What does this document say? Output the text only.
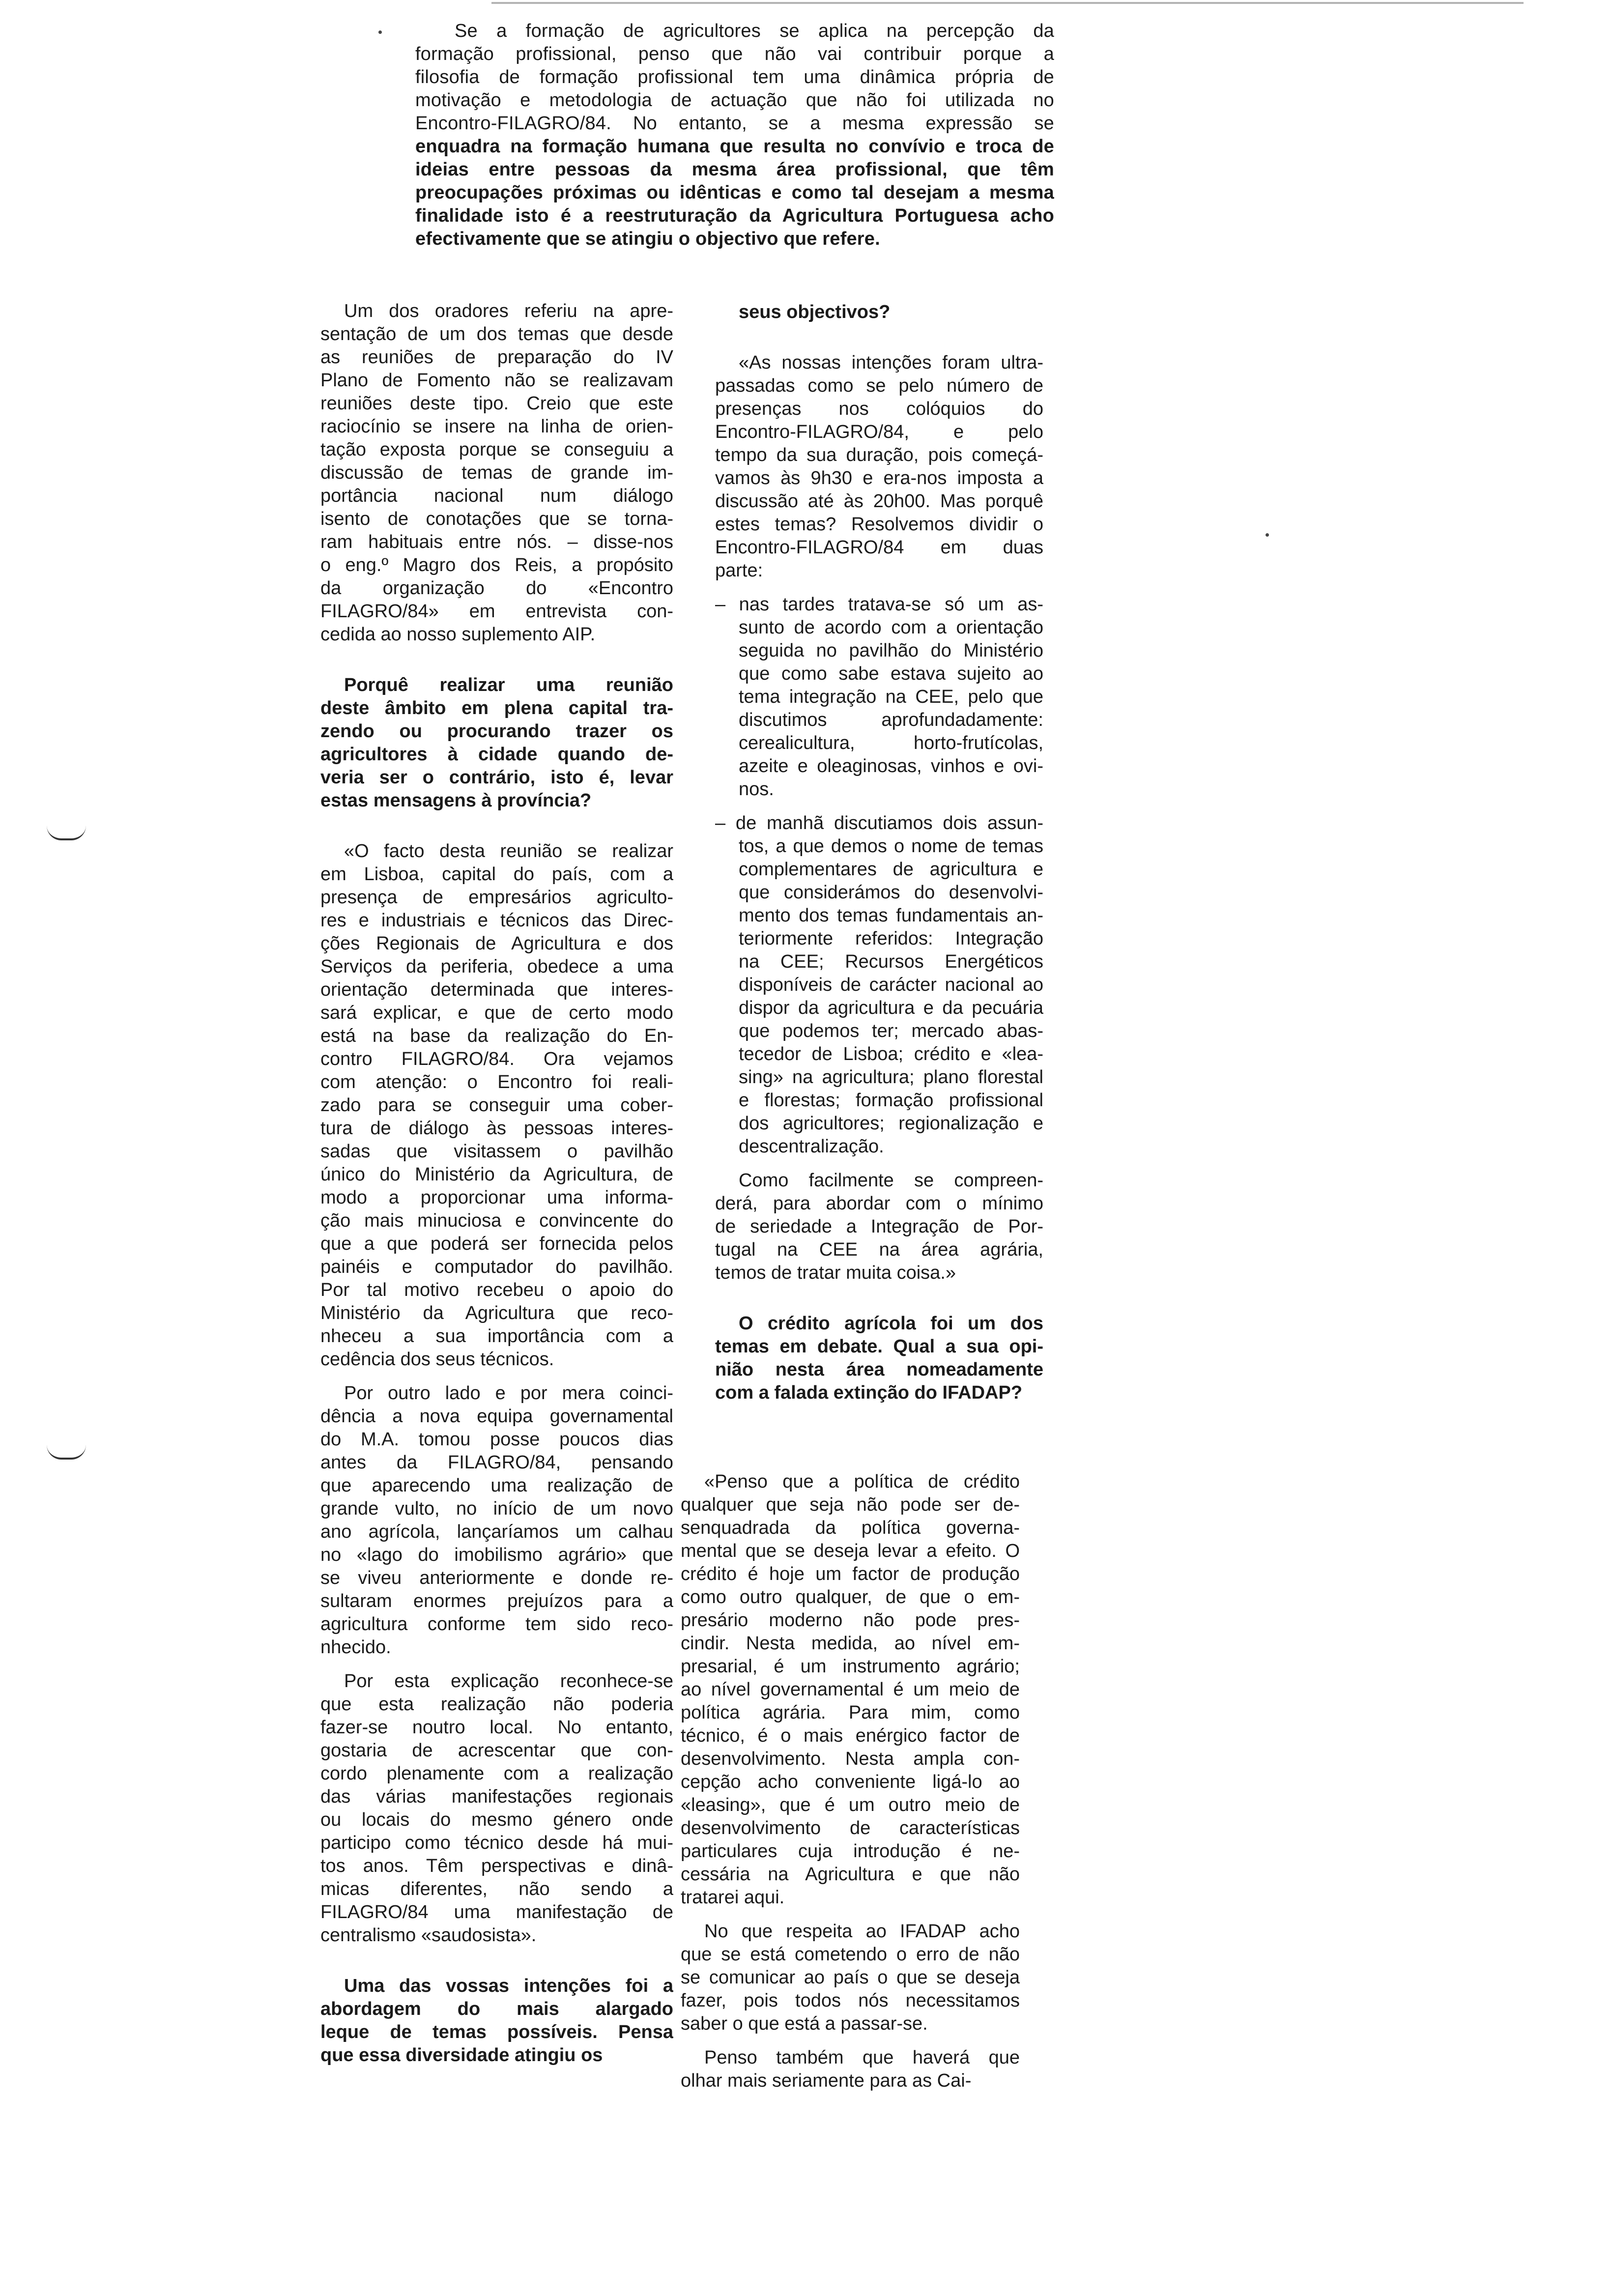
Se a formação de agricultores se aplica na percepção da
formação profissional, penso que não vai contribuir porque a
filosofia de formação profissional tem uma dinâmica própria de
motivação e metodologia de actuação que não foi utilizada no
Encontro-FILAGRO/84. No entanto, se a mesma expressão se
enquadra na formação humana que resulta no convívio e troca de
ideias entre pessoas da mesma área profissional, que têm
preocupações próximas ou idênticas e como tal desejam a mesma
finalidade isto é a reestruturação da Agricultura Portuguesa acho
efectivamente que se atingiu o objectivo que refere.
Um dos oradores referiu na apre-
sentação de um dos temas que desde
as reuniões de preparação do IV
Plano de Fomento não se realizavam
reuniões deste tipo. Creio que este
raciocínio se insere na linha de orien-
tação exposta porque se conseguiu a
discussão de temas de grande im-
portância nacional num diálogo
isento de conotações que se torna-
ram habituais entre nós. – disse-nos
o eng.º Magro dos Reis, a propósito
da organização do «Encontro
FILAGRO/84» em entrevista con-
cedida ao nosso suplemento AIP.
Porquê realizar uma reunião
deste âmbito em plena capital tra-
zendo ou procurando trazer os
agricultores à cidade quando de-
veria ser o contrário, isto é, levar
estas mensagens à província?
«O facto desta reunião se realizar
em Lisboa, capital do país, com a
presença de empresários agriculto-
res e industriais e técnicos das Direc-
ções Regionais de Agricultura e dos
Serviços da periferia, obedece a uma
orientação determinada que interes-
sará explicar, e que de certo modo
está na base da realização do En-
contro FILAGRO/84. Ora vejamos
com atenção: o Encontro foi reali-
zado para se conseguir uma cober-
tura de diálogo às pessoas interes-
sadas que visitassem o pavilhão
único do Ministério da Agricultura, de
modo a proporcionar uma informa-
ção mais minuciosa e convincente do
que a que poderá ser fornecida pelos
painéis e computador do pavilhão.
Por tal motivo recebeu o apoio do
Ministério da Agricultura que reco-
nheceu a sua importância com a
cedência dos seus técnicos.
Por outro lado e por mera coinci-
dência a nova equipa governamental
do M.A. tomou posse poucos dias
antes da FILAGRO/84, pensando
que aparecendo uma realização de
grande vulto, no início de um novo
ano agrícola, lançaríamos um calhau
no «lago do imobilismo agrário» que
se viveu anteriormente e donde re-
sultaram enormes prejuízos para a
agricultura conforme tem sido reco-
nhecido.
Por esta explicação reconhece-se
que esta realização não poderia
fazer-se noutro local. No entanto,
gostaria de acrescentar que con-
cordo plenamente com a realização
das várias manifestações regionais
ou locais do mesmo género onde
participo como técnico desde há mui-
tos anos. Têm perspectivas e dinâ-
micas diferentes, não sendo a
FILAGRO/84 uma manifestação de
centralismo «saudosista».
Uma das vossas intenções foi a
abordagem do mais alargado
leque de temas possíveis. Pensa
que essa diversidade atingiu os
seus objectivos?
«As nossas intenções foram ultra-
passadas como se pelo número de
presenças nos colóquios do
Encontro-FILAGRO/84, e pelo
tempo da sua duração, pois começá-
vamos às 9h30 e era-nos imposta a
discussão até às 20h00. Mas porquê
estes temas? Resolvemos dividir o
Encontro-FILAGRO/84 em duas
parte:
– nas tardes tratava-se só um as-
sunto de acordo com a orientação
seguida no pavilhão do Ministério
que como sabe estava sujeito ao
tema integração na CEE, pelo que
discutimos aprofundadamente:
cerealicultura, horto-frutícolas,
azeite e oleaginosas, vinhos e ovi-
nos.
– de manhã discutiamos dois assun-
tos, a que demos o nome de temas
complementares de agricultura e
que considerámos do desenvolvi-
mento dos temas fundamentais an-
teriormente referidos: Integração
na CEE; Recursos Energéticos
disponíveis de carácter nacional ao
dispor da agricultura e da pecuária
que podemos ter; mercado abas-
tecedor de Lisboa; crédito e «lea-
sing» na agricultura; plano florestal
e florestas; formação profissional
dos agricultores; regionalização e
descentralização.
Como facilmente se compreen-
derá, para abordar com o mínimo
de seriedade a Integração de Por-
tugal na CEE na área agrária,
temos de tratar muita coisa.»
O crédito agrícola foi um dos
temas em debate. Qual a sua opi-
nião nesta área nomeadamente
com a falada extinção do IFADAP?
«Penso que a política de crédito
qualquer que seja não pode ser de-
senquadrada da política governa-
mental que se deseja levar a efeito. O
crédito é hoje um factor de produção
como outro qualquer, de que o em-
presário moderno não pode pres-
cindir. Nesta medida, ao nível em-
presarial, é um instrumento agrário;
ao nível governamental é um meio de
política agrária. Para mim, como
técnico, é o mais enérgico factor de
desenvolvimento. Nesta ampla con-
cepção acho conveniente ligá-lo ao
«leasing», que é um outro meio de
desenvolvimento de características
particulares cuja introdução é ne-
cessária na Agricultura e que não
tratarei aqui.
No que respeita ao IFADAP acho
que se está cometendo o erro de não
se comunicar ao país o que se deseja
fazer, pois todos nós necessitamos
saber o que está a passar-se.
Penso também que haverá que
olhar mais seriamente para as Cai-
